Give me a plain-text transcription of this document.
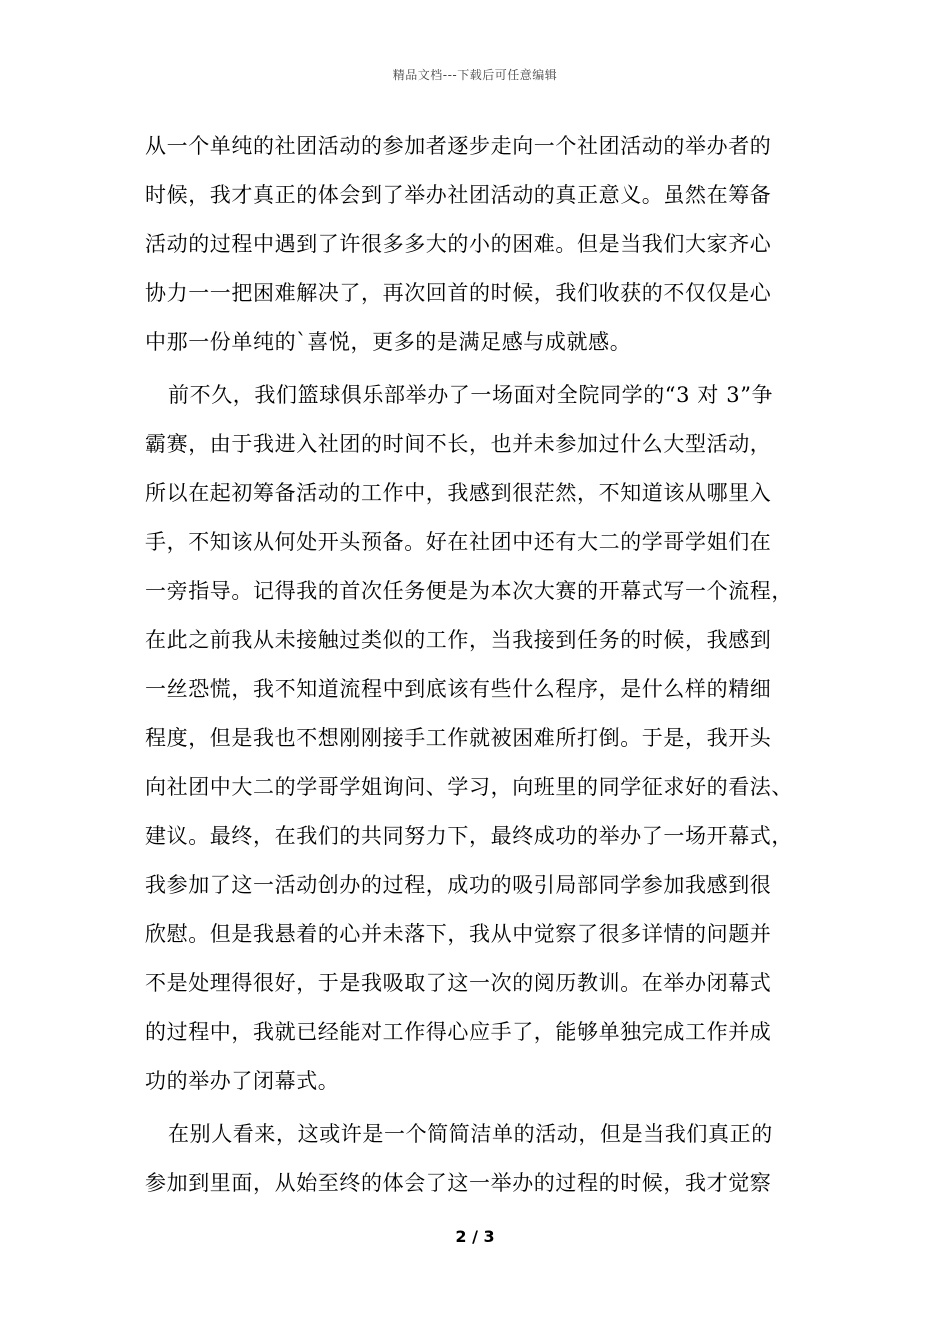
精品文档---下载后可任意编辑
从一个单纯的社团活动的参加者逐步走向一个社团活动的举办者的
时候，我才真正的体会到了举办社团活动的真正意义。虽然在筹备
活动的过程中遇到了许很多多大的小的困难。但是当我们大家齐心
协力一一把困难解决了，再次回首的时候，我们收获的不仅仅是心
中那一份单纯的`喜悦，更多的是满足感与成就感。
前不久，我们篮球俱乐部举办了一场面对全院同学的“3 对 3”争
霸赛，由于我进入社团的时间不长，也并未参加过什么大型活动，
所以在起初筹备活动的工作中，我感到很茫然，不知道该从哪里入
手，不知该从何处开头预备。好在社团中还有大二的学哥学姐们在
一旁指导。记得我的首次任务便是为本次大赛的开幕式写一个流程，
在此之前我从未接触过类似的工作，当我接到任务的时候，我感到
一丝恐慌，我不知道流程中到底该有些什么程序，是什么样的精细
程度，但是我也不想刚刚接手工作就被困难所打倒。于是，我开头
向社团中大二的学哥学姐询问、学习，向班里的同学征求好的看法、
建议。最终，在我们的共同努力下，最终成功的举办了一场开幕式，
我参加了这一活动创办的过程，成功的吸引局部同学参加我感到很
欣慰。但是我悬着的心并未落下，我从中觉察了很多详情的问题并
不是处理得很好，于是我吸取了这一次的阅历教训。在举办闭幕式
的过程中，我就已经能对工作得心应手了，能够单独完成工作并成
功的举办了闭幕式。
在别人看来，这或许是一个简简洁单的活动，但是当我们真正的
参加到里面，从始至终的体会了这一举办的过程的时候，我才觉察
2 / 3
